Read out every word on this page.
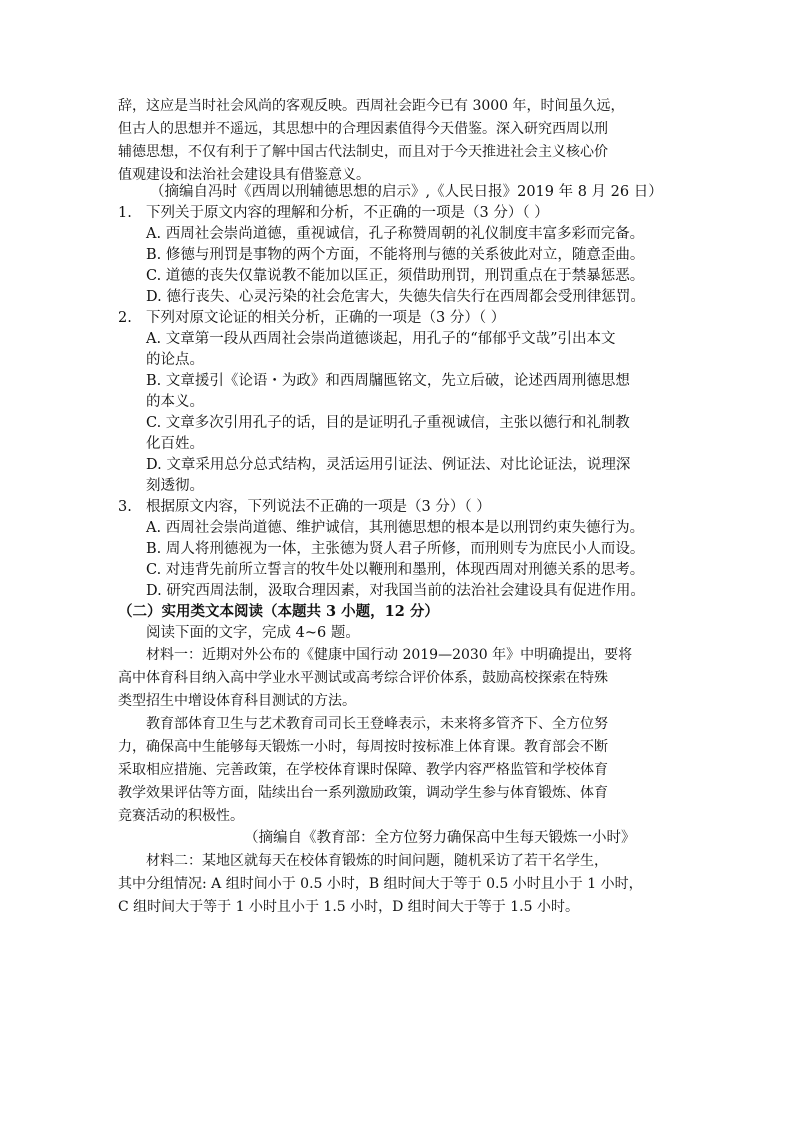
辞，这应是当时社会风尚的客观反映。西周社会距今已有 3000 年，时间虽久远，
但古人的思想并不遥远，其思想中的合理因素值得今天借鉴。深入研究西周以刑
辅德思想，不仅有利于了解中国古代法制史，而且对于今天推进社会主义核心价
值观建设和法治社会建设具有借鉴意义。
（摘编自冯时《西周以刑辅德思想的启示》,《人民日报》2019 年 8 月 26 日）
1. 下列关于原文内容的理解和分析，不正确的一项是（3 分）（ ）
A. 西周社会崇尚道德，重视诚信，孔子称赞周朝的礼仪制度丰富多彩而完备。
B. 修德与刑罚是事物的两个方面，不能将刑与德的关系彼此对立，随意歪曲。
C. 道德的丧失仅靠说教不能加以匡正，须借助刑罚，刑罚重点在于禁暴惩恶。
D. 德行丧失、心灵污染的社会危害大，失德失信失行在西周都会受刑律惩罚。
2. 下列对原文论证的相关分析，正确的一项是（3 分）（ ）
A. 文章第一段从西周社会崇尚道德谈起，用孔子的“郁郁乎文哉”引出本文
的论点。
B. 文章援引《论语・为政》和西周牖匜铭文，先立后破，论述西周刑德思想
的本义。
C. 文章多次引用孔子的话，目的是证明孔子重视诚信，主张以德行和礼制教
化百姓。
D. 文章采用总分总式结构，灵活运用引证法、例证法、对比论证法，说理深
刻透彻。
3. 根据原文内容，下列说法不正确的一项是（3 分）（ ）
A. 西周社会崇尚道德、维护诚信，其刑德思想的根本是以刑罚约束失德行为。
B. 周人将刑德视为一体，主张德为贤人君子所修，而刑则专为庶民小人而设。
C. 对违背先前所立誓言的牧牛处以鞭刑和墨刑，体现西周对刑德关系的思考。
D. 研究西周法制，汲取合理因素，对我国当前的法治社会建设具有促进作用。
（二）实用类文本阅读（本题共 3 小题，12 分）
阅读下面的文字，完成 4~6 题。
材料一：近期对外公布的《健康中国行动 2019—2030 年》中明确提出，要将
高中体育科目纳入高中学业水平测试或高考综合评价体系，鼓励高校探索在特殊
类型招生中增设体育科目测试的方法。
教育部体育卫生与艺术教育司司长王登峰表示，未来将多管齐下、全方位努
力，确保高中生能够每天锻炼一小时，每周按时按标准上体育课。教育部会不断
采取相应措施、完善政策，在学校体育课时保障、教学内容严格监管和学校体育
教学效果评估等方面，陆续出台一系列激励政策，调动学生参与体育锻炼、体育
竞赛活动的积极性。
（摘编自《教育部：全方位努力确保高中生每天锻炼一小时》
材料二：某地区就每天在校体育锻炼的时间问题，随机采访了若干名学生，
其中分组情况: A 组时间小于 0.5 小时，B 组时间大于等于 0.5 小时且小于 1 小时，
C 组时间大于等于 1 小时且小于 1.5 小时，D 组时间大于等于 1.5 小时。
